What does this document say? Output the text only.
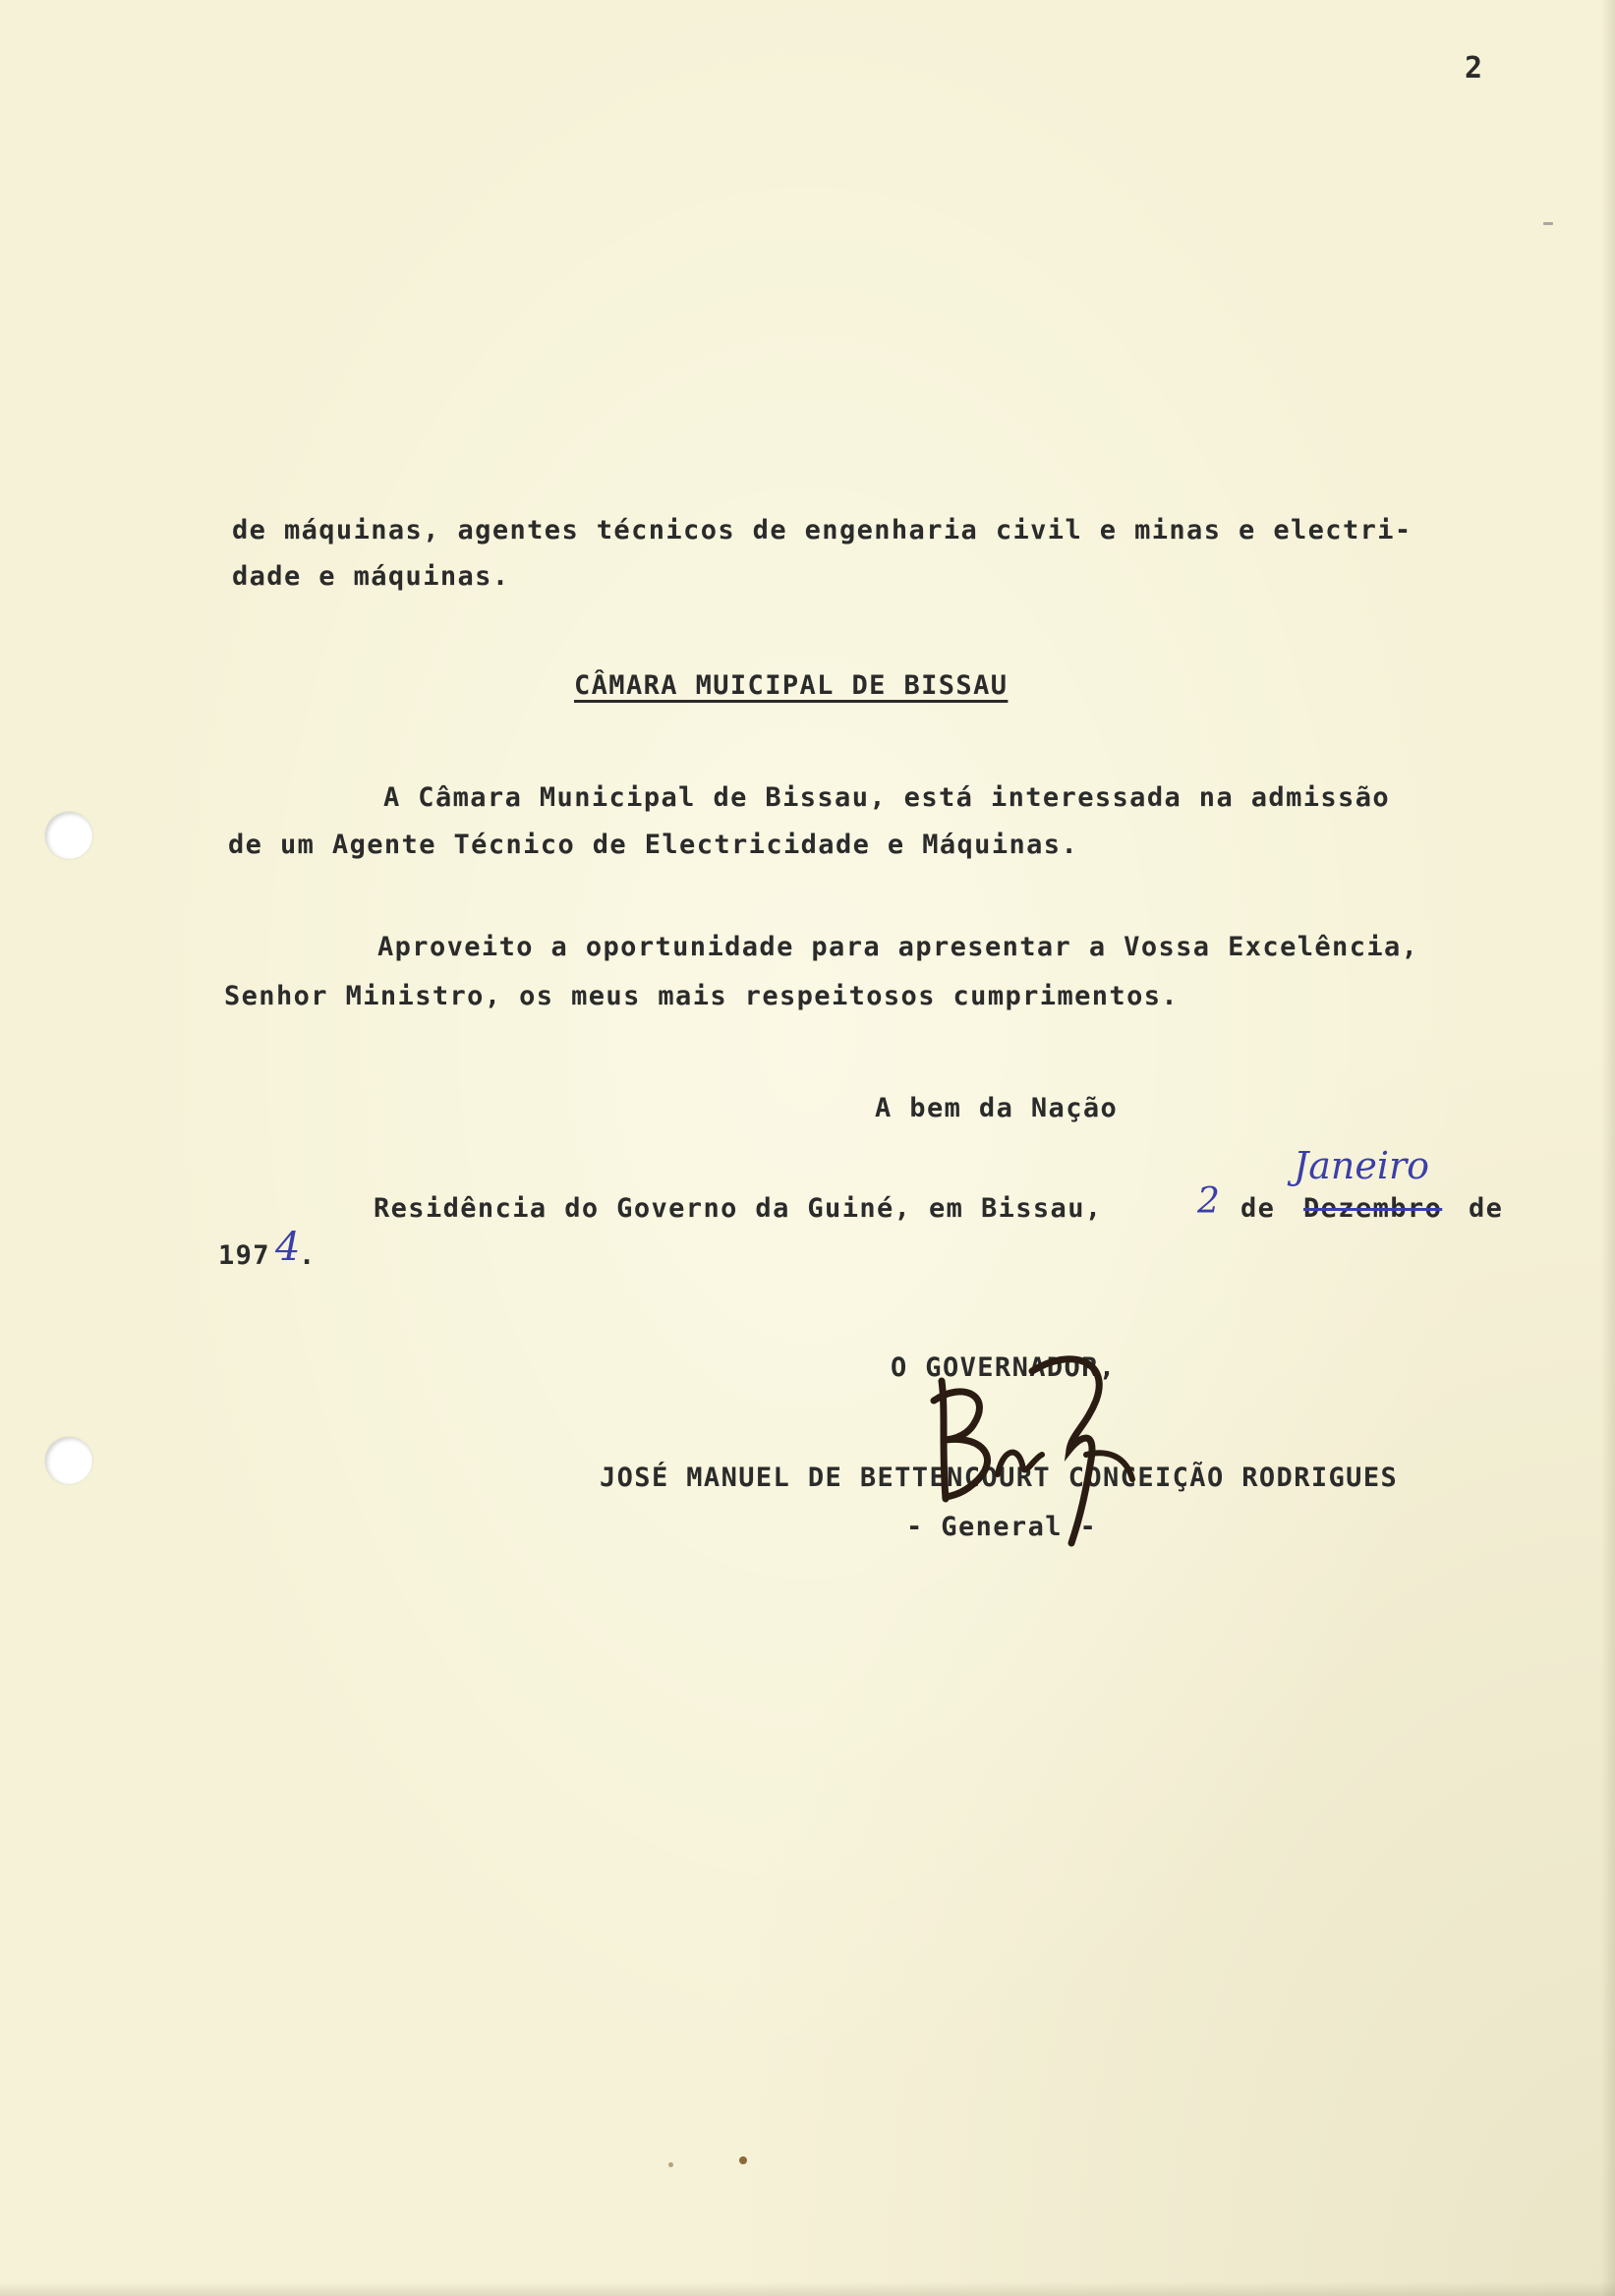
2

de máquinas, agentes técnicos de engenharia civil e minas e electri-

dade e máquinas.

CÂMARA MUICIPAL DE BISSAU

A Câmara Municipal de Bissau, está interessada na admissão

de um Agente Técnico de Electricidade e Máquinas.

Aproveito a oportunidade para apresentar a Vossa Excelência,

Senhor Ministro, os meus mais respeitosos cumprimentos.

A bem da Nação

Residência do Governo da Guiné, em Bissau,	2 de Dezembro

Janeiro

de

197 4

.

O GOVERNADOR,

JOSÉ MANUEL DE BETTENCOURT CONCEIÇÃO RODRIGUES

- General -
